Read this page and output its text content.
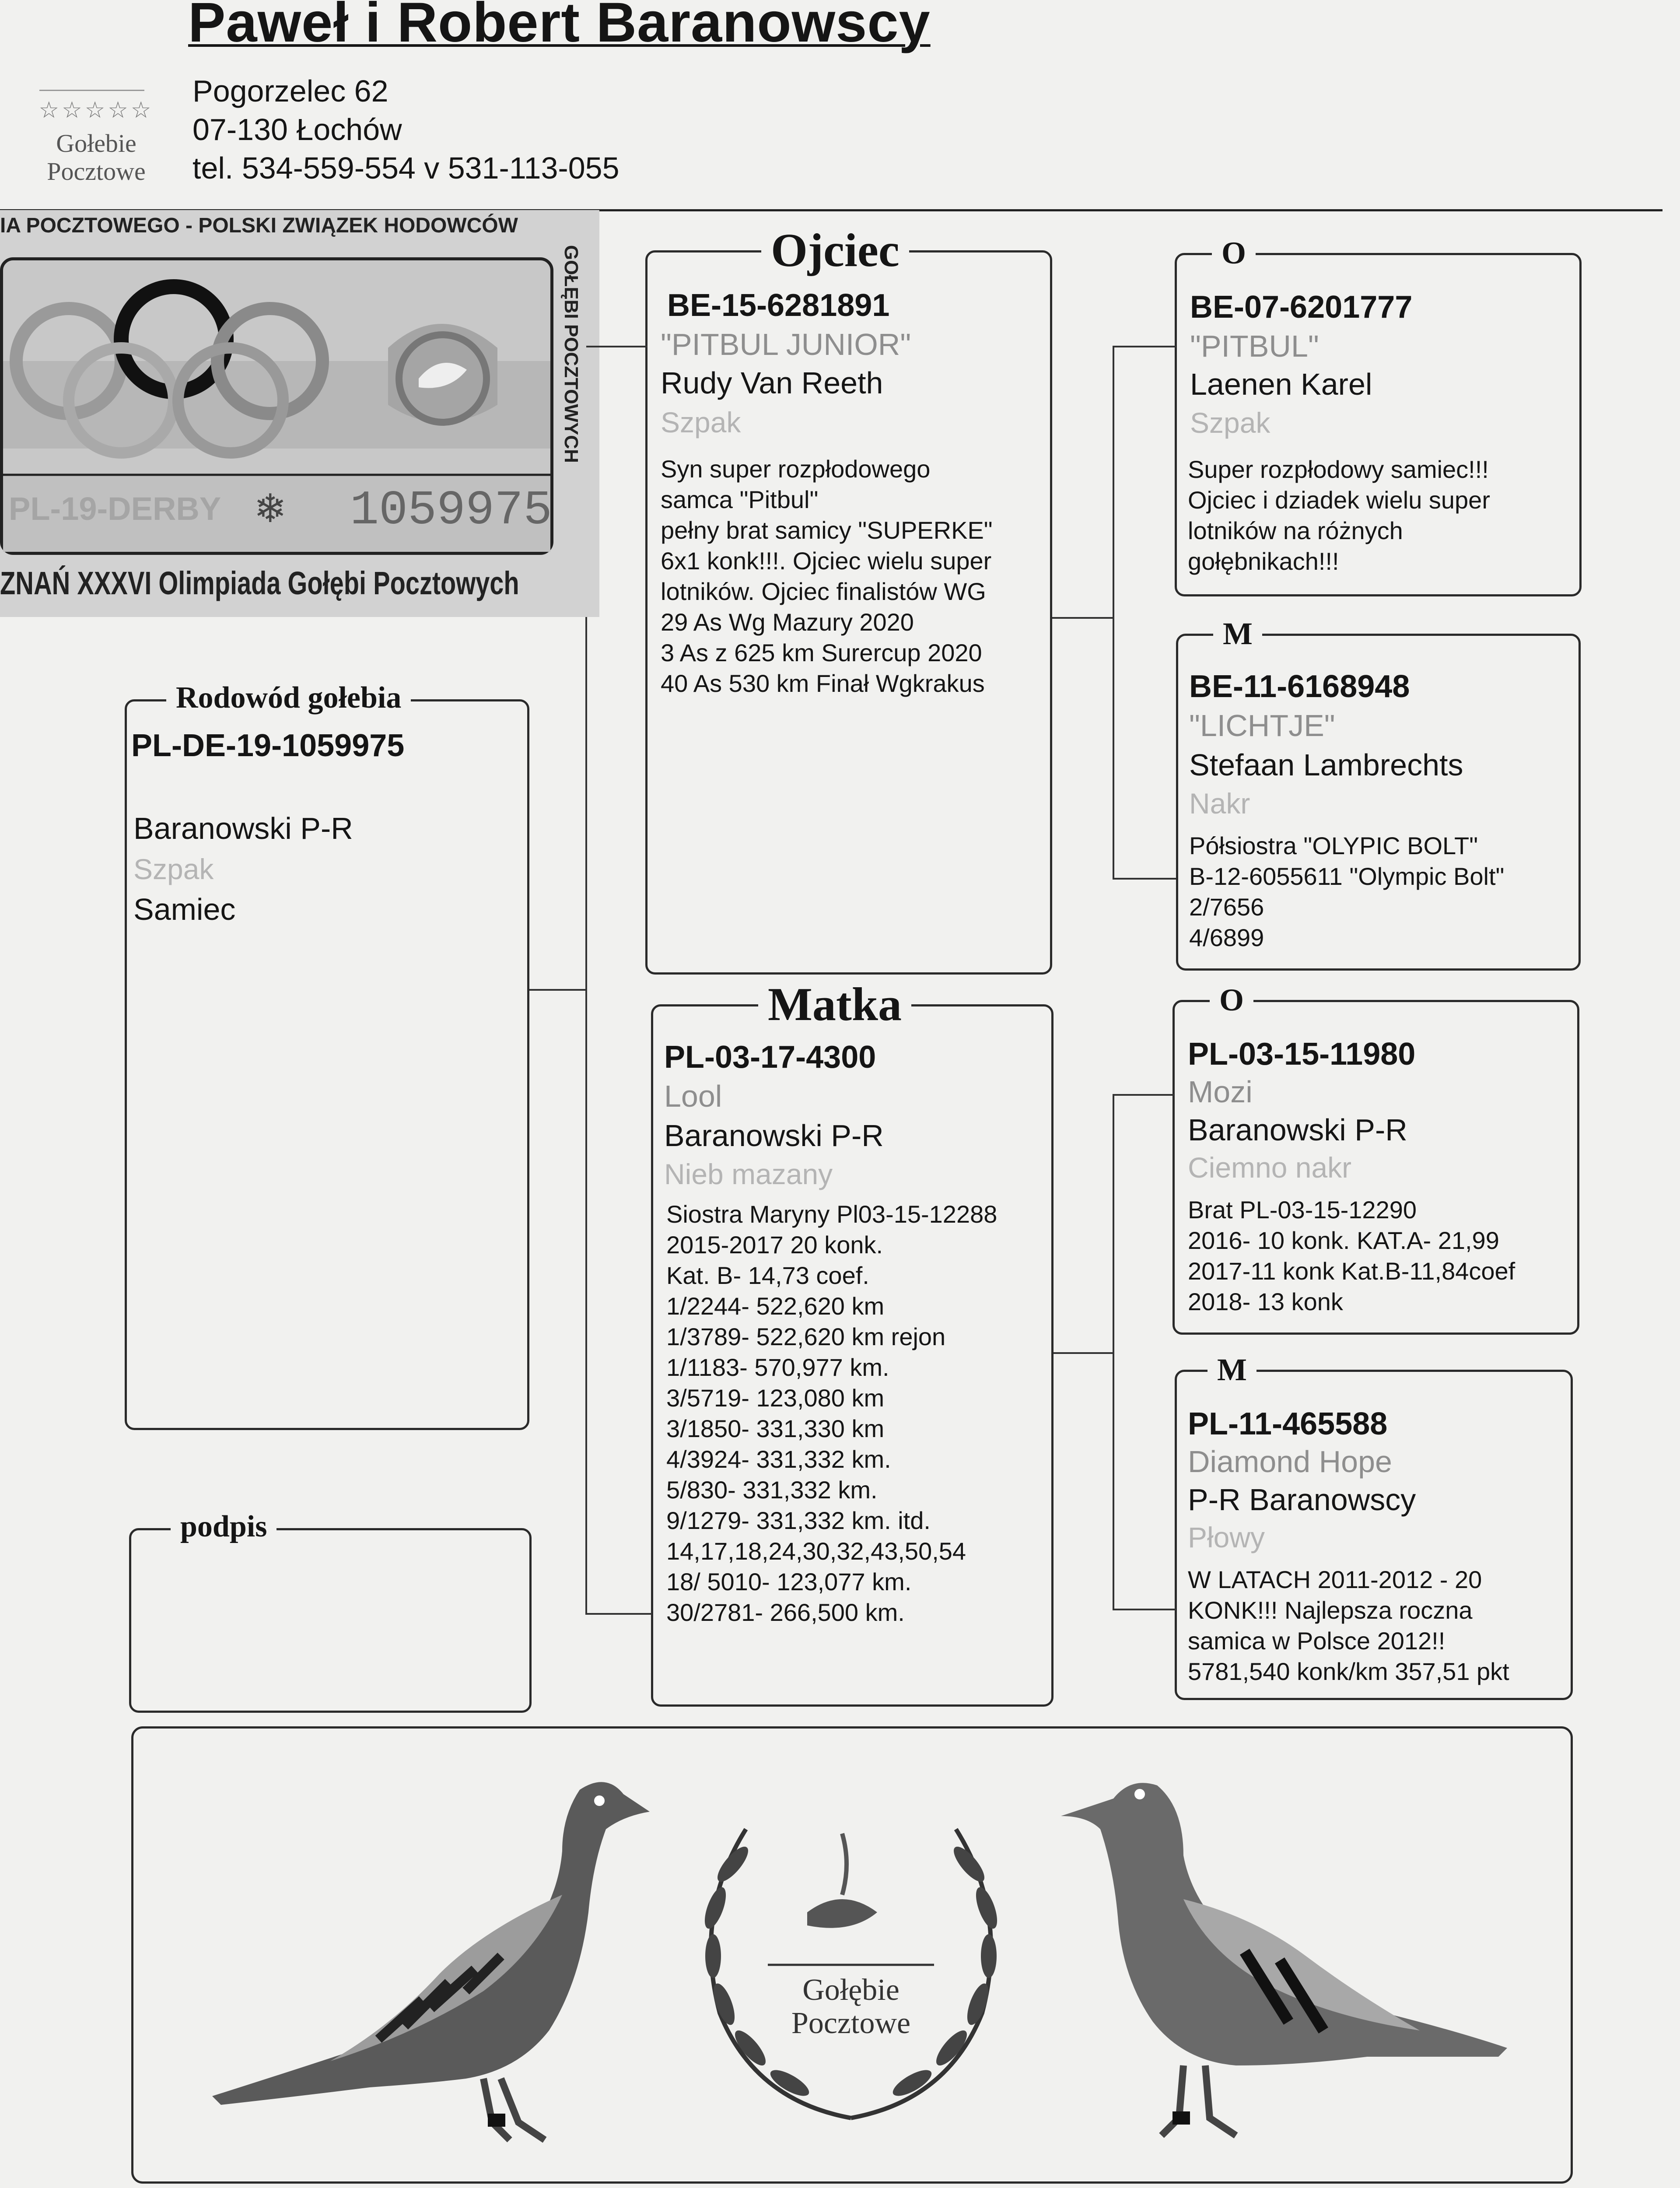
Paweł i Robert Baranowscy
Pogorzelec 62
07-130 Łochów
tel. 534-559-554 v 531-113-055
☆☆☆☆☆
Gołebie
Pocztowe
IA POCZTOWEGO - POLSKI ZWIĄZEK HODOWCÓW
PL-19-DERBY ❄ 1059975
GOŁĘBI POCZTOWYCH
ZNAŃ XXXVI Olimpiada Gołębi Pocztowych
Rodowód gołebia
PL-DE-19-1059975
Baranowski P-R
Szpak
Samiec
podpis
Ojciec
BE-15-6281891
"PITBUL JUNIOR"
Rudy Van Reeth
Szpak
Syn super rozpłodowego
samca "Pitbul"
pełny brat samicy "SUPERKE"
6x1 konk!!!. Ojciec wielu super
lotników. Ojciec finalistów WG
29 As Wg Mazury 2020
3 As z 625 km Surercup 2020
40 As 530 km Finał Wgkrakus
Matka
PL-03-17-4300
Lool
Baranowski P-R
Nieb mazany
Siostra Maryny Pl03-15-12288
2015-2017 20 konk.
Kat. B- 14,73 coef.
1/2244- 522,620 km
1/3789- 522,620 km rejon
1/1183- 570,977 km.
3/5719- 123,080 km
3/1850- 331,330 km
4/3924- 331,332 km.
5/830- 331,332 km.
9/1279- 331,332 km. itd.
14,17,18,24,30,32,43,50,54
18/ 5010- 123,077 km.
30/2781- 266,500 km.
O
BE-07-6201777
"PITBUL"
Laenen Karel
Szpak
Super rozpłodowy samiec!!!
Ojciec i dziadek wielu super
lotników na różnych
gołębnikach!!!
M
BE-11-6168948
"LICHTJE"
Stefaan Lambrechts
Nakr
Półsiostra "OLYPIC BOLT"
B-12-6055611 "Olympic Bolt"
2/7656
4/6899
O
PL-03-15-11980
Mozi
Baranowski P-R
Ciemno nakr
Brat PL-03-15-12290
2016- 10 konk. KAT.A- 21,99
2017-11 konk Kat.B-11,84coef
2018- 13 konk
M
PL-11-465588
Diamond Hope
P-R Baranowscy
Płowy
W LATACH 2011-2012 - 20
KONK!!! Najlepsza roczna
samica w Polsce 2012!!
5781,540 konk/km 357,51 pkt
Gołębie
Pocztowe
